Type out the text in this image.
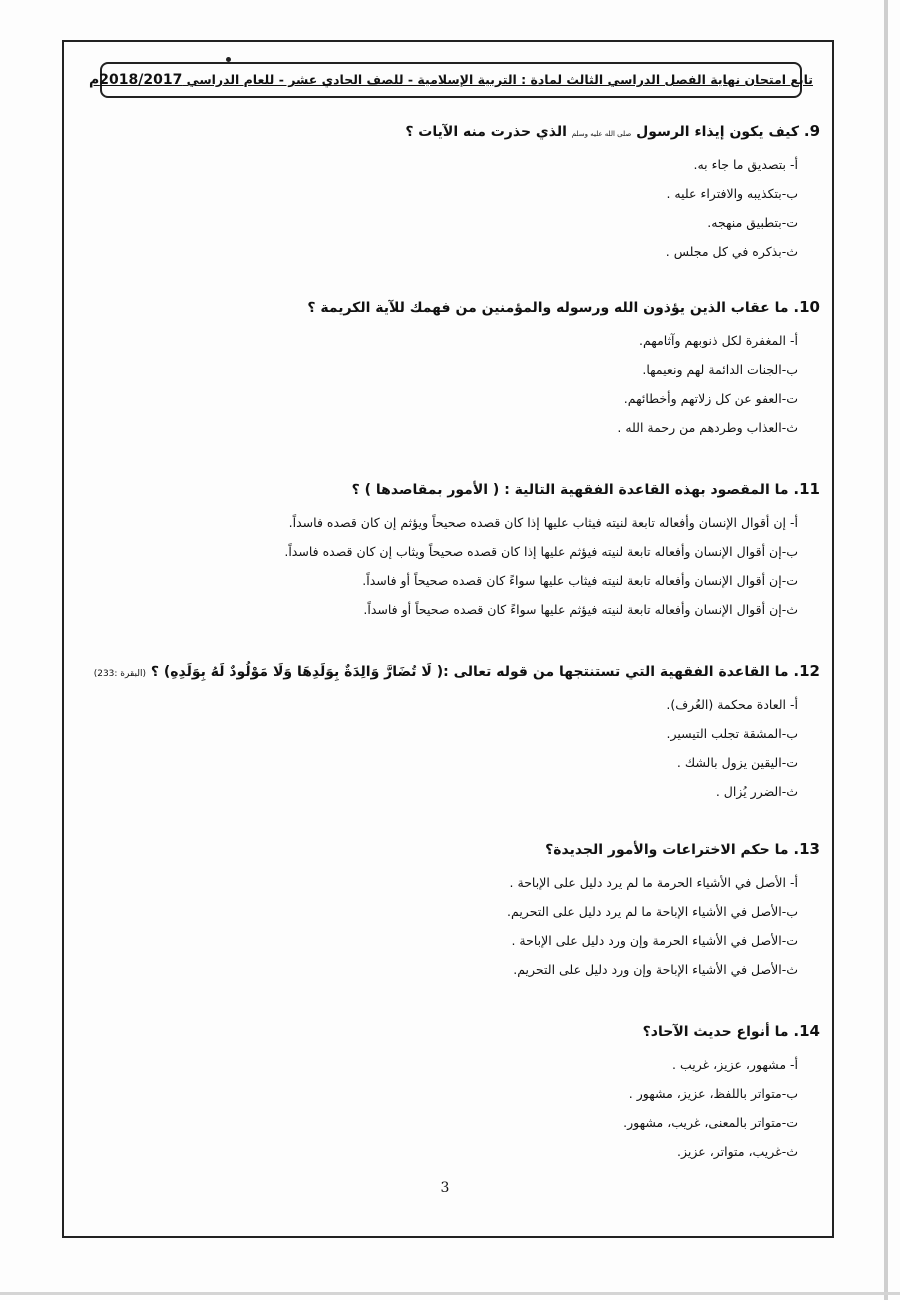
تابع امتحان نهاية الفصل الدراسي الثالث لمادة : التربية الإسلامية - للصف الحادي عشر - للعام الدراسي 2018/2017م
9. كيف يكون إيذاء الرسول صلى الله عليه وسلم الذي حذرت منه الآيات ؟
أ- بتصديق ما جاء به.
ب-بتكذيبه والافتراء عليه .
ت-بتطبيق منهجه.
ث-بذكره في كل مجلس .
10. ما عقاب الذين يؤذون الله ورسوله والمؤمنين من فهمك للآية الكريمة ؟
أ- المغفرة لكل ذنوبهم وآثامهم.
ب-الجنات الدائمة لهم ونعيمها.
ت-العفو عن كل زلاتهم وأخطائهم.
ث-العذاب وطردهم من رحمة الله .
11. ما المقصود بهذه القاعدة الفقهية التالية : ( الأمور بمقاصدها ) ؟
أ- إن أقوال الإنسان وأفعاله تابعة لنيته فيثاب عليها إذا كان قصده صحيحاً ويؤثم إن كان قصده فاسداً.
ب-إن أقوال الإنسان وأفعاله تابعة لنيته فيؤثم عليها إذا كان قصده صحيحاً ويثاب إن كان قصده فاسداً.
ت-إن أقوال الإنسان وأفعاله تابعة لنيته فيثاب عليها سواءً كان قصده صحيحاً أو فاسداً.
ث-إن أقوال الإنسان وأفعاله تابعة لنيته فيؤثم عليها سواءً كان قصده صحيحاً أو فاسداً.
12. ما القاعدة الفقهية التي تستنتجها من قوله تعالى :( لَا تُضَارَّ وَالِدَةٌ بِوَلَدِهَا وَلَا مَوْلُودٌ لَهُ بِوَلَدِهِ) ؟ (البقرة :233)
أ- العادة محكمة (العُرف).
ب-المشقة تجلب التيسير.
ت-اليقين يزول بالشك .
ث-الضرر يُزال .
13. ما حكم الاختراعات والأمور الجديدة؟
أ- الأصل في الأشياء الحرمة ما لم يرد دليل على الإباحة .
ب-الأصل في الأشياء الإباحة ما لم يرد دليل على التحريم.
ت-الأصل في الأشياء الحرمة وإن ورد دليل على الإباحة .
ث-الأصل في الأشياء الإباحة وإن ورد دليل على التحريم.
14. ما أنواع حديث الآحاد؟
أ- مشهور، عزيز، غريب .
ب-متواتر باللفظ، عزيز، مشهور .
ت-متواتر بالمعنى، غريب، مشهور.
ث-غريب، متواتر، عزيز.
3
